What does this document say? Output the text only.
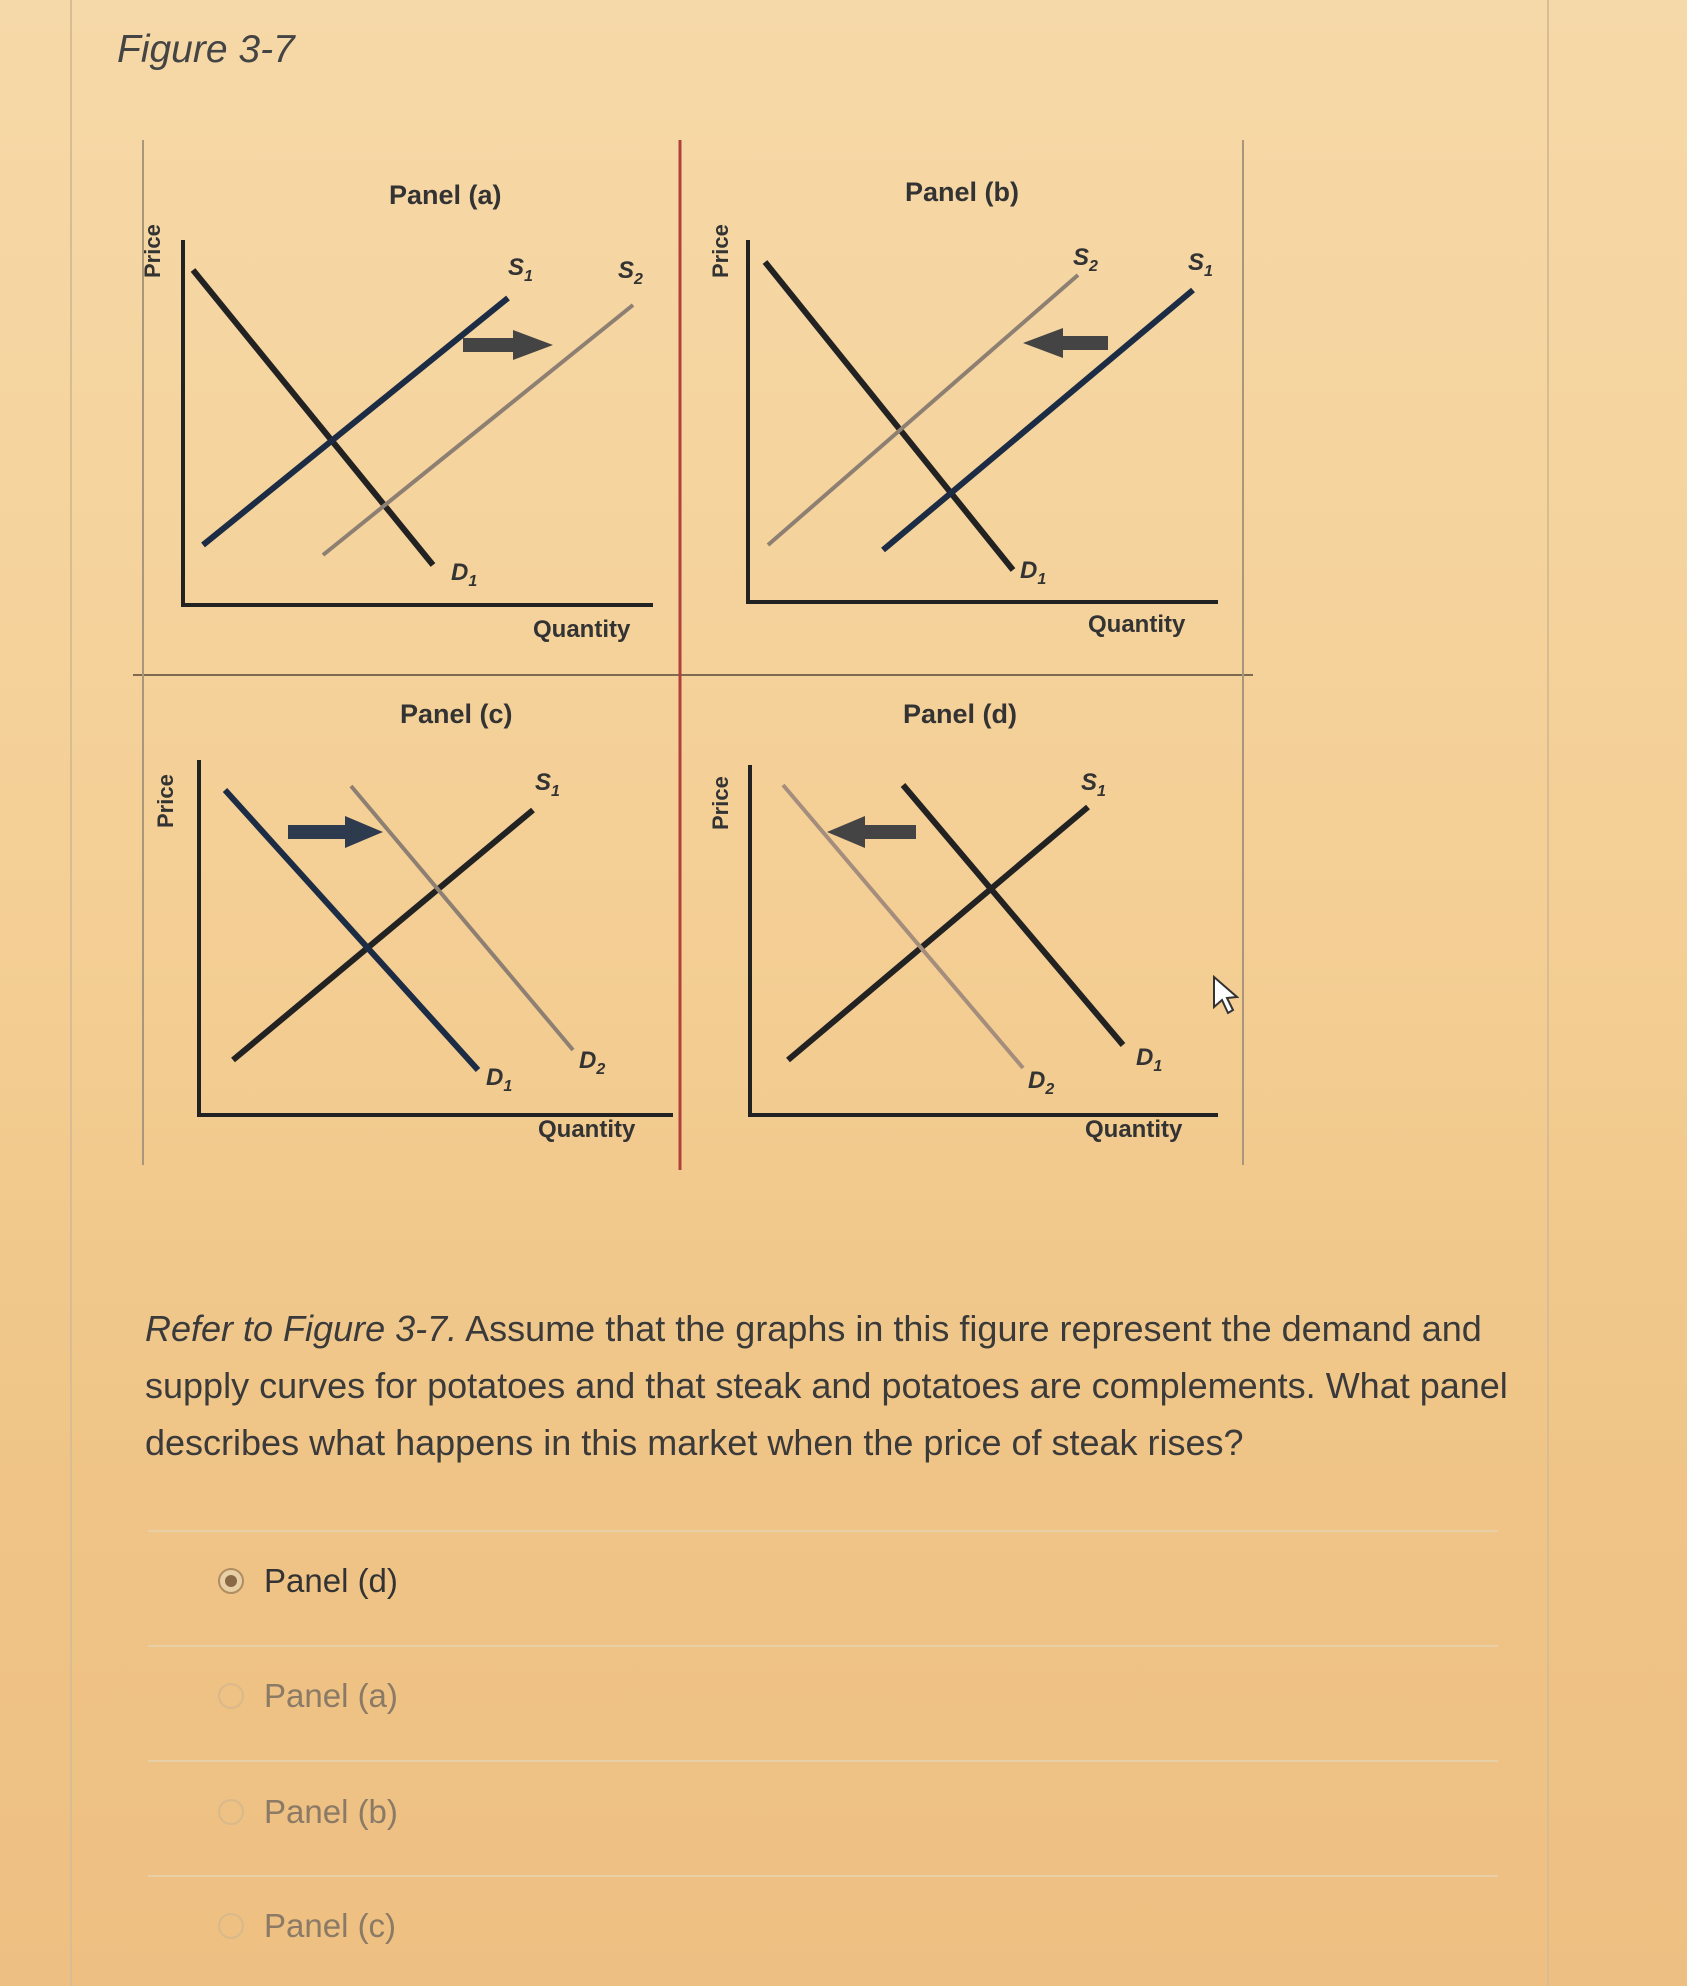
Figure 3-7
Panel (a)
Price
Quantity
$S_1$	$S_2$
$D_1$
Panel (b)
Price
Quantity
$S_2$	$S_1$
$D_1$
Panel (c)
Price
Quantity
$S_1$
$D_1$
$D_2$
Panel (d)
Price
Quantity
$S_1$
$D_1$
$D_2$
Refer to Figure 3-7. Assume that the graphs in this figure represent the demand and supply curves for potatoes and that steak and potatoes are complements. What panel describes what happens in this market when the price of steak rises?
Panel (d)
Panel (a)
Panel (b)
Panel (c)
